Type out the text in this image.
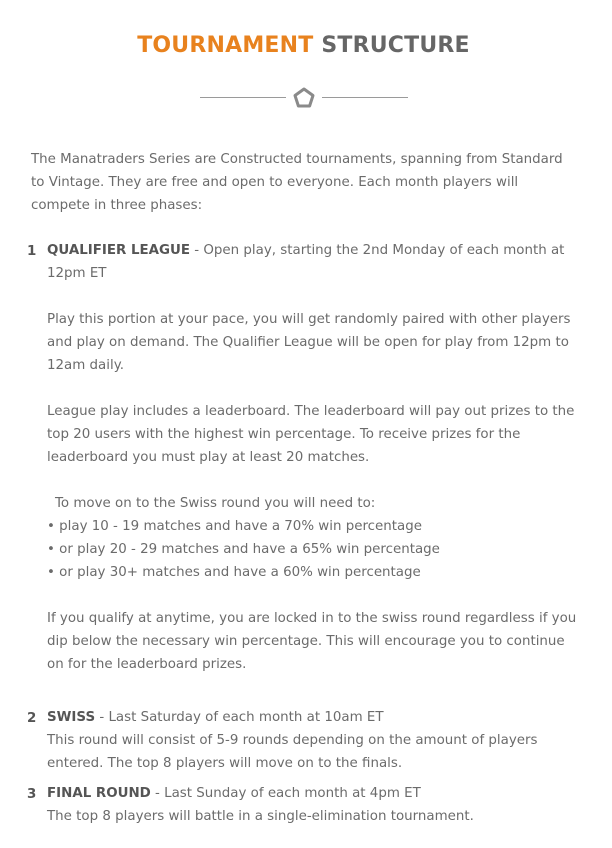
TOURNAMENT STRUCTURE

The Manatraders Series are Constructed tournaments, spanning from Standard to Vintage. They are free and open to everyone. Each month players will compete in three phases:

1 QUALIFIER LEAGUE - Open play, starting the 2nd Monday of each month at 12pm ET

Play this portion at your pace, you will get randomly paired with other players and play on demand. The Qualifier League will be open for play from 12pm to 12am daily.

League play includes a leaderboard. The leaderboard will pay out prizes to the top 20 users with the highest win percentage. To receive prizes for the leaderboard you must play at least 20 matches.

To move on to the Swiss round you will need to:
• play 10 - 19 matches and have a 70% win percentage
• or play 20 - 29 matches and have a 65% win percentage
• or play 30+ matches and have a 60% win percentage

If you qualify at anytime, you are locked in to the swiss round regardless if you dip below the necessary win percentage. This will encourage you to continue on for the leaderboard prizes.

2 SWISS - Last Saturday of each month at 10am ET

This round will consist of 5-9 rounds depending on the amount of players entered. The top 8 players will move on to the finals.

3 FINAL ROUND - Last Sunday of each month at 4pm ET

The top 8 players will battle in a single-elimination tournament.
